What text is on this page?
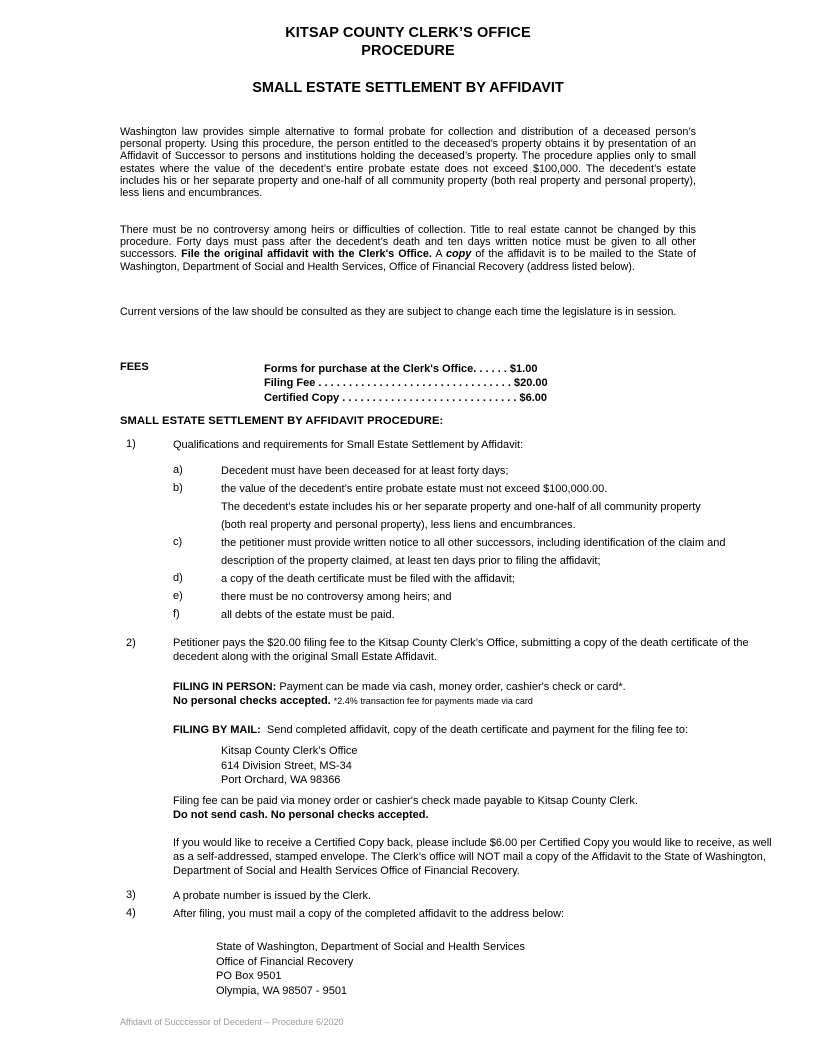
KITSAP COUNTY CLERK’S OFFICE
PROCEDURE
SMALL ESTATE SETTLEMENT BY AFFIDAVIT

Washington law provides simple alternative to formal probate for collection and distribution of a deceased person’s personal property. Using this procedure, the person entitled to the deceased’s property obtains it by presentation of an Affidavit of Successor to persons and institutions holding the deceased’s property. The procedure applies only to small estates where the value of the decedent’s entire probate estate does not exceed $100,000. The decedent’s estate includes his or her separate property and one-half of all community property (both real property and personal property), less liens and encumbrances.

There must be no controversy among heirs or difficulties of collection. Title to real estate cannot be changed by this procedure. Forty days must pass after the decedent’s death and ten days written notice must be given to all other successors. File the original affidavit with the Clerk's Office. A copy of the affidavit is to be mailed to the State of Washington, Department of Social and Health Services, Office of Financial Recovery (address listed below).

Current versions of the law should be consulted as they are subject to change each time the legislature is in session.

FEES	Forms for purchase at the Clerk's Office. . . . . . $1.00
Filing Fee . . . . . . . . . . . . . . . . . . . . . . . . . . . . . . . . $20.00
Certified Copy . . . . . . . . . . . . . . . . . . . . . . . . . . . . . $6.00
SMALL ESTATE SETTLEMENT BY AFFIDAVIT PROCEDURE:
1)	Qualifications and requirements for Small Estate Settlement by Affidavit:
a)	Decedent must have been deceased for at least forty days;
b)	the value of the decedent’s entire probate estate must not exceed $100,000.00.
The decedent’s estate includes his or her separate property and one-half of all community property
(both real property and personal property), less liens and encumbrances.
c)	the petitioner must provide written notice to all other successors, including identification of the claim and
description of the property claimed, at least ten days prior to filing the affidavit;
d)	a copy of the death certificate must be filed with the affidavit;
e)	there must be no controversy among heirs; and
f)	all debts of the estate must be paid.
2)	Petitioner pays the $20.00 filing fee to the Kitsap County Clerk’s Office, submitting a copy of the death certificate of the decedent along with the original Small Estate Affidavit.
FILING IN PERSON: Payment can be made via cash, money order, cashier's check or card*.
No personal checks accepted. *2.4% transaction fee for payments made via card
FILING BY MAIL: Send completed affidavit, copy of the death certificate and payment for the filing fee to:
Kitsap County Clerk’s Office
614 Division Street, MS-34
Port Orchard, WA 98366
Filing fee can be paid via money order or cashier's check made payable to Kitsap County Clerk.
Do not send cash. No personal checks accepted.
If you would like to receive a Certified Copy back, please include $6.00 per Certified Copy you would like to receive, as well as a self-addressed, stamped envelope. The Clerk’s office will NOT mail a copy of the Affidavit to the State of Washington, Department of Social and Health Services Office of Financial Recovery.
3)	A probate number is issued by the Clerk.
4)	After filing, you must mail a copy of the completed affidavit to the address below:
State of Washington, Department of Social and Health Services
Office of Financial Recovery
PO Box 9501
Olympia, WA 98507 - 9501
Affidavit of Succcessor of Decedent – Procedure 6/2020
